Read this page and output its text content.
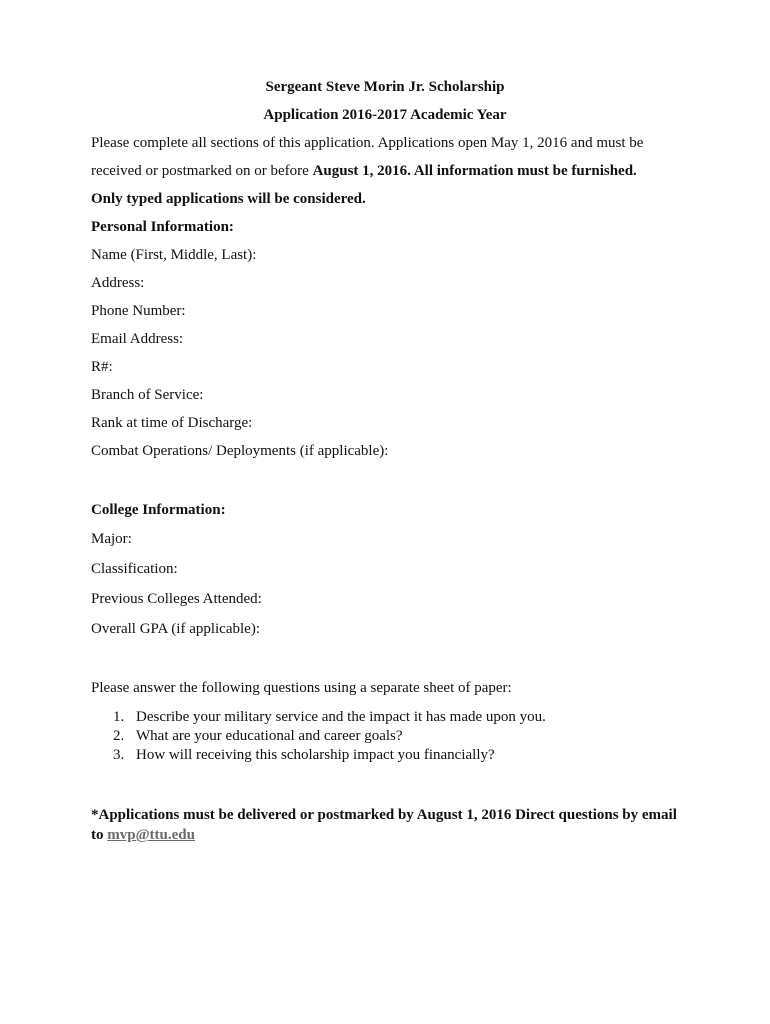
Sergeant Steve Morin Jr. Scholarship
Application 2016-2017 Academic Year
Please complete all sections of this application. Applications open May 1, 2016 and must be
received or postmarked on or before August 1, 2016. All information must be furnished.
Only typed applications will be considered.
Personal Information:
Name (First, Middle, Last):
Address:
Phone Number:
Email Address:
R#:
Branch of Service:
Rank at time of Discharge:
Combat Operations/ Deployments (if applicable):
College Information:
Major:
Classification:
Previous Colleges Attended:
Overall GPA (if applicable):
Please answer the following questions using a separate sheet of paper:
1. Describe your military service and the impact it has made upon you.
2. What are your educational and career goals?
3. How will receiving this scholarship impact you financially?
*Applications must be delivered or postmarked by August 1, 2016 Direct questions by email
to mvp@ttu.edu
